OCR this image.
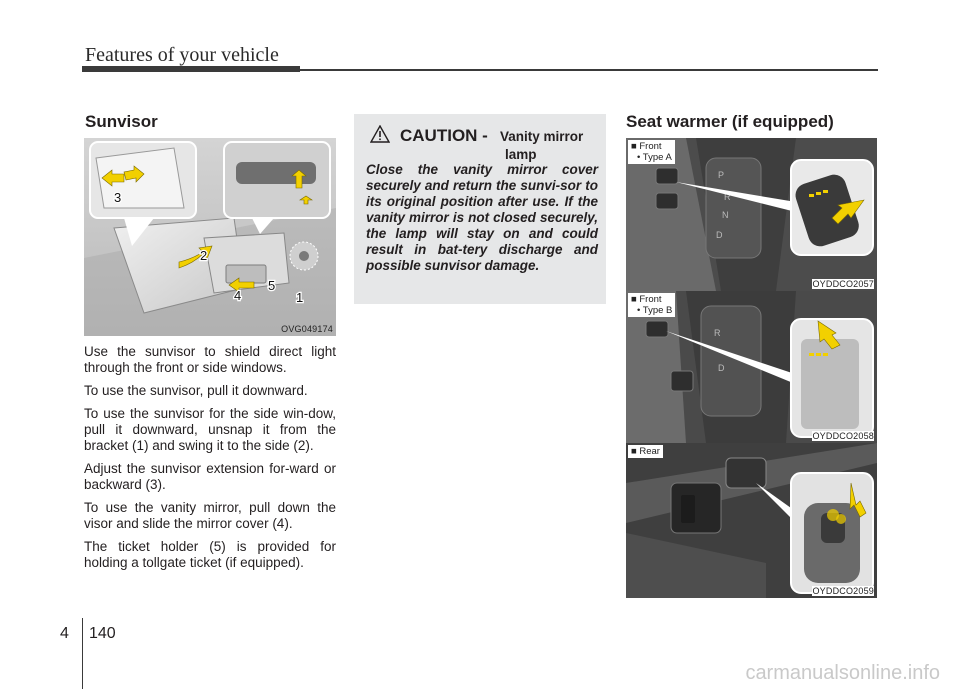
Features of your vehicle
Sunvisor	Seat warmer (if equipped)
3
2
4
5
1
OVG049174

Use the sunvisor to shield direct light through the front or side windows.

To use the sunvisor, pull it downward.

To use the sunvisor for the side win-dow, pull it downward, unsnap it from the bracket (1) and swing it to the side (2).

Adjust the sunvisor extension for-ward or backward (3).

To use the vanity mirror, pull down the visor and slide the mirror cover (4).

The ticket holder (5) is provided for holding a tollgate ticket (if equipped).

CAUTION - Vanity mirror
lamp
Close the vanity mirror cover securely and return the sunvi-sor to its original position after use. If the vanity mirror is not closed securely, the lamp will stay on and could result in bat-tery discharge and possible sunvisor damage.
P
R
N
D
■ Front
• Type A
OYDDCO2057
R
D
■ Front
• Type B
OYDDCO2058
■ Rear
OYDDCO2059
4 140
carmanualsonline.info
